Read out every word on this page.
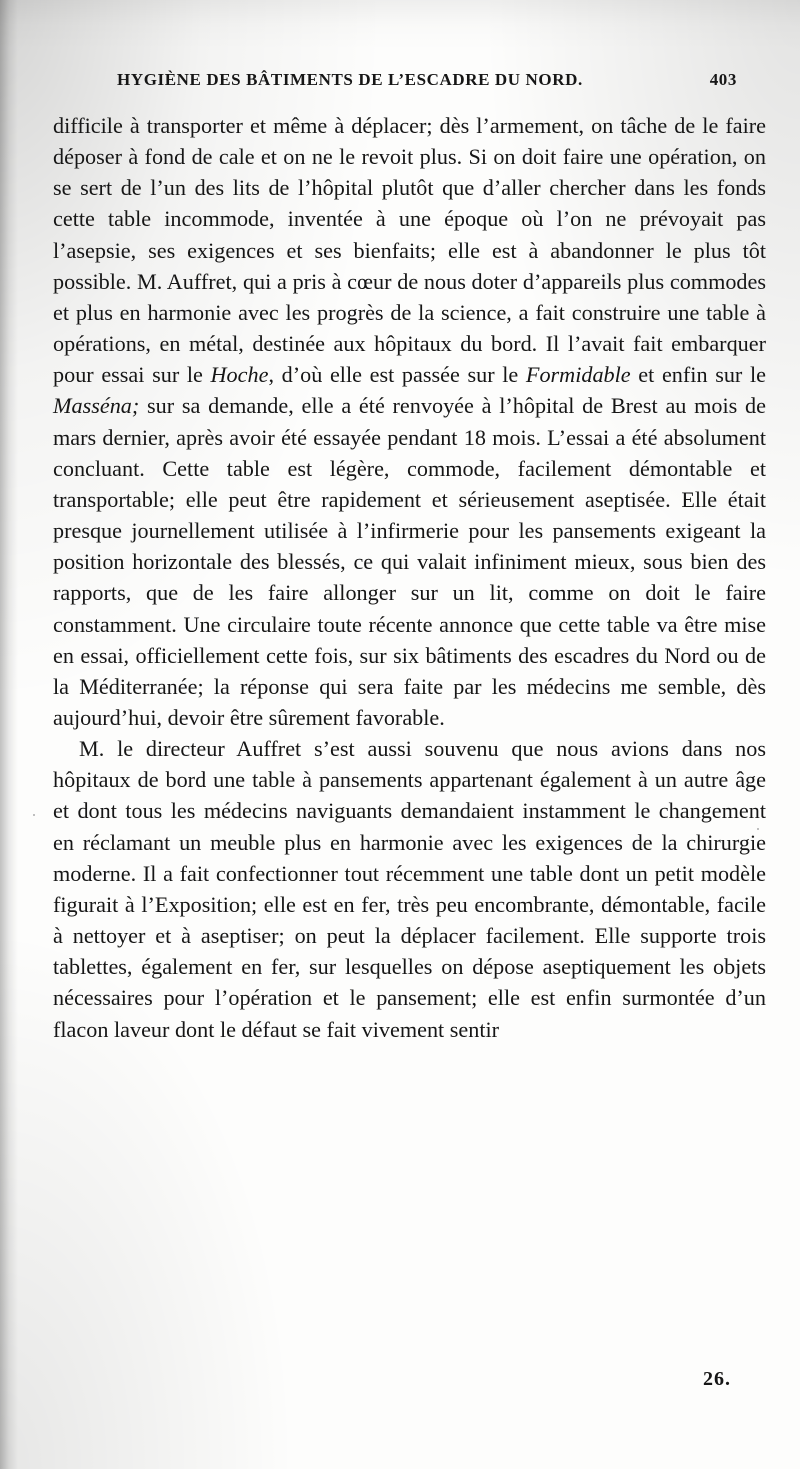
HYGIÈNE DES BÂTIMENTS DE L’ESCADRE DU NORD.	403

difficile à transporter et même à déplacer; dès l’armement, on tâche de le faire déposer à fond de cale et on ne le revoit plus. Si on doit faire une opération, on se sert de l’un des lits de l’hôpital plutôt que d’aller chercher dans les fonds cette table incommode, inventée à une époque où l’on ne prévoyait pas l’asepsie, ses exigences et ses bienfaits; elle est à abandonner le plus tôt possible. M. Auffret, qui a pris à cœur de nous doter d’appareils plus commodes et plus en harmonie avec les progrès de la science, a fait construire une table à opérations, en métal, destinée aux hôpitaux du bord. Il l’avait fait embarquer pour essai sur le Hoche, d’où elle est passée sur le Formidable et enfin sur le Masséna; sur sa demande, elle a été renvoyée à l’hôpital de Brest au mois de mars dernier, après avoir été essayée pendant 18 mois. L’essai a été absolument concluant. Cette table est légère, commode, facilement démontable et transportable; elle peut être rapidement et sérieusement aseptisée. Elle était presque journellement utilisée à l’infirmerie pour les pansements exigeant la position horizontale des blessés, ce qui valait infiniment mieux, sous bien des rapports, que de les faire allonger sur un lit, comme on doit le faire constamment. Une circulaire toute récente annonce que cette table va être mise en essai, officiellement cette fois, sur six bâtiments des escadres du Nord ou de la Méditerranée; la réponse qui sera faite par les médecins me semble, dès aujourd’hui, devoir être sûrement favorable.

M. le directeur Auffret s’est aussi souvenu que nous avions dans nos hôpitaux de bord une table à pansements appartenant également à un autre âge et dont tous les médecins naviguants demandaient instamment le changement en réclamant un meuble plus en harmonie avec les exigences de la chirurgie moderne. Il a fait confectionner tout récemment une table dont un petit modèle figurait à l’Exposition; elle est en fer, très peu encombrante, démontable, facile à nettoyer et à aseptiser; on peut la déplacer facilement. Elle supporte trois tablettes, également en fer, sur lesquelles on dépose aseptiquement les objets nécessaires pour l’opération et le pansement; elle est enfin surmontée d’un flacon laveur dont le défaut se fait vivement sentir

26.
